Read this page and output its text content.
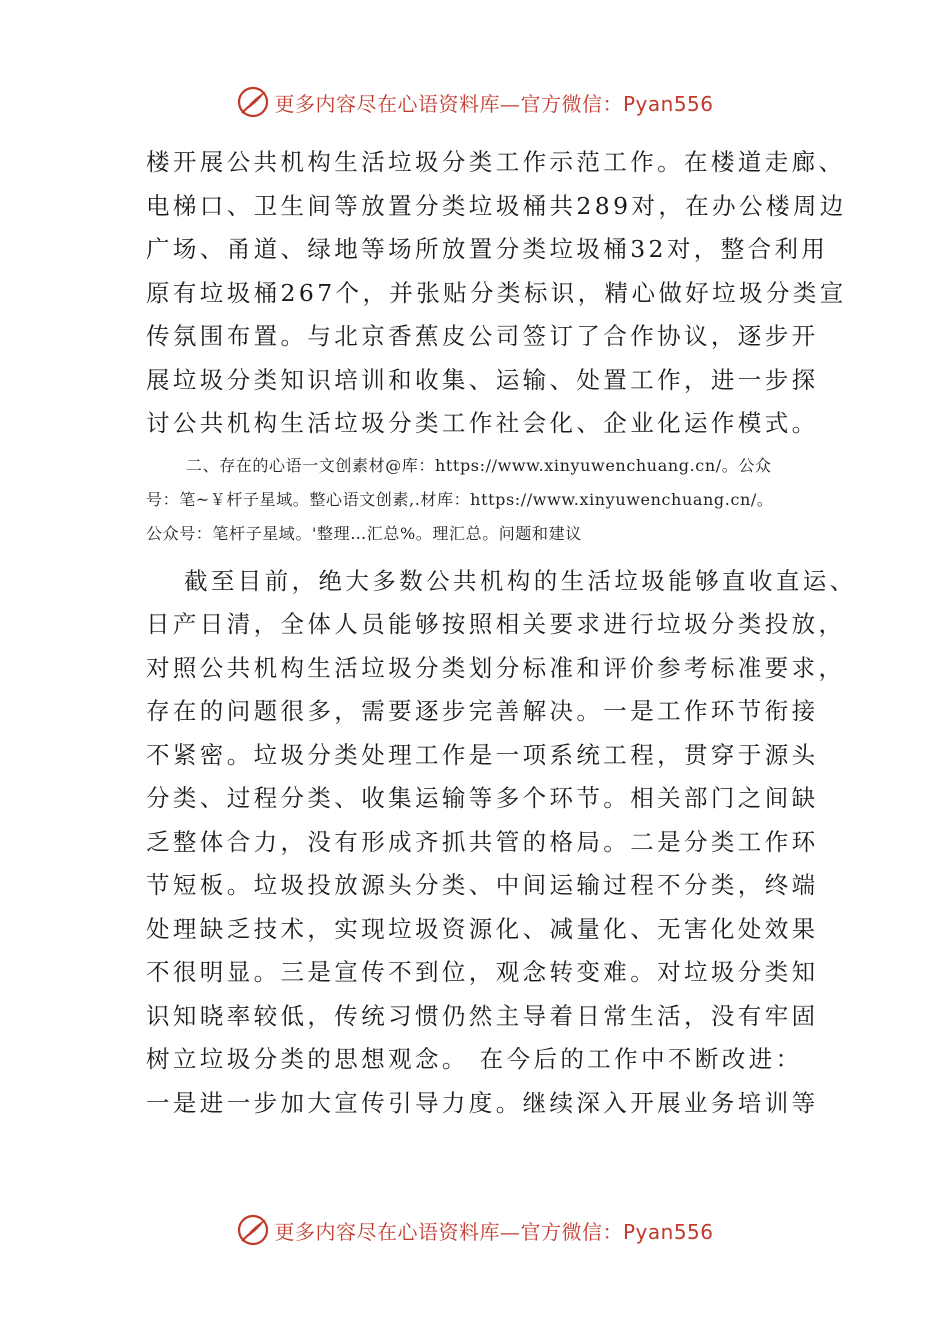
更多内容尽在心语资料库—官方微信：Pyan556
楼开展公共机构生活垃圾分类工作示范工作。在楼道走廊、
电梯口、卫生间等放置分类垃圾桶共289对，在办公楼周边
广场、甬道、绿地等场所放置分类垃圾桶32对，整合利用
原有垃圾桶267个，并张贴分类标识，精心做好垃圾分类宣
传氛围布置。与北京香蕉皮公司签订了合作协议，逐步开
展垃圾分类知识培训和收集、运输、处置工作，进一步探
讨公共机构生活垃圾分类工作社会化、企业化运作模式。
二、存在的心语一文创素材@库：https://www.xinyuwenchuang.cn/。公众
号：笔~￥杆子星域。整心语文创素,.材库：https://www.xinyuwenchuang.cn/。
公众号：笔杆子星域。'整理…汇总%。理汇总。问题和建议
截至目前，绝大多数公共机构的生活垃圾能够直收直运、
日产日清，全体人员能够按照相关要求进行垃圾分类投放，
对照公共机构生活垃圾分类划分标准和评价参考标准要求，
存在的问题很多，需要逐步完善解决。一是工作环节衔接
不紧密。垃圾分类处理工作是一项系统工程，贯穿于源头
分类、过程分类、收集运输等多个环节。相关部门之间缺
乏整体合力，没有形成齐抓共管的格局。二是分类工作环
节短板。垃圾投放源头分类、中间运输过程不分类，终端
处理缺乏技术，实现垃圾资源化、减量化、无害化处效果
不很明显。三是宣传不到位，观念转变难。对垃圾分类知
识知晓率较低，传统习惯仍然主导着日常生活，没有牢固
树立垃圾分类的思想观念。 在今后的工作中不断改进：
一是进一步加大宣传引导力度。继续深入开展业务培训等
更多内容尽在心语资料库—官方微信：Pyan556
